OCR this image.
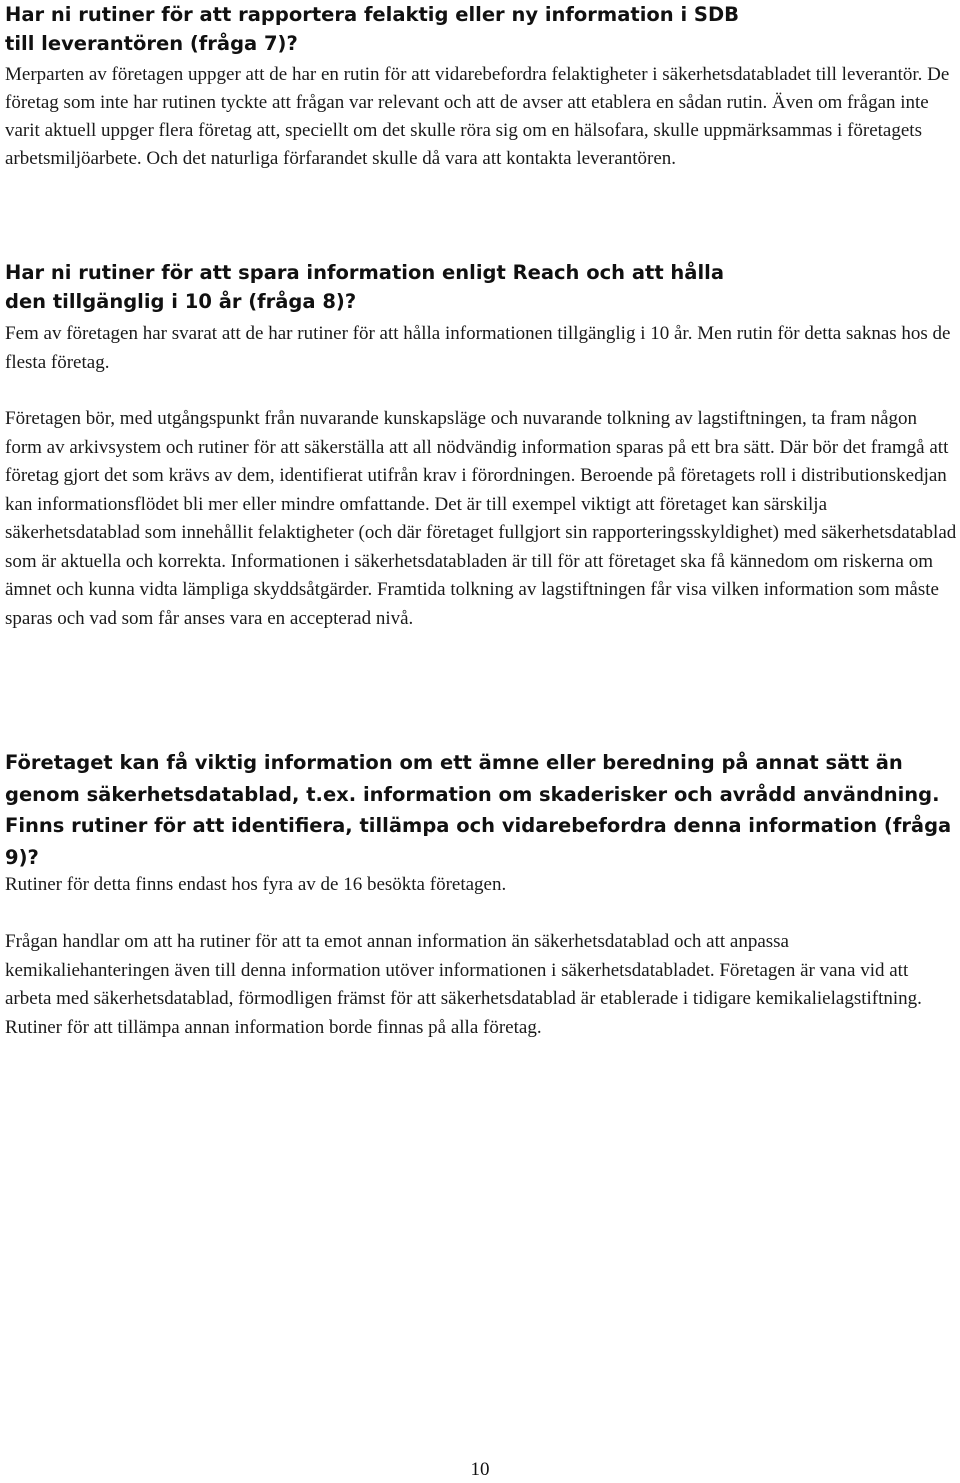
Har ni rutiner för att rapportera felaktig eller ny information i SDB till leverantören (fråga 7)?

Merparten av företagen uppger att de har en rutin för att vidarebefordra felaktigheter i säkerhetsdatabladet till leverantör. De företag som inte har rutinen tyckte att frågan var relevant och att de avser att etablera en sådan rutin. Även om frågan inte varit aktuell uppger flera företag att, speciellt om det skulle röra sig om en hälsofara, skulle uppmärksammas i företagets arbetsmiljöarbete. Och det naturliga förfarandet skulle då vara att kontakta leverantören.

Har ni rutiner för att spara information enligt Reach och att hålla den tillgänglig i 10 år (fråga 8)?

Fem av företagen har svarat att de har rutiner för att hålla informationen tillgänglig i 10 år. Men rutin för detta saknas hos de flesta företag.

Företagen bör, med utgångspunkt från nuvarande kunskapsläge och nuvarande tolkning av lagstiftningen, ta fram någon form av arkivsystem och rutiner för att säkerställa att all nödvändig information sparas på ett bra sätt. Där bör det framgå att företag gjort det som krävs av dem, identifierat utifrån krav i förordningen. Beroende på företagets roll i distributionskedjan kan informationsflödet bli mer eller mindre omfattande. Det är till exempel viktigt att företaget kan särskilja säkerhetsdatablad som innehållit felaktigheter (och där företaget fullgjort sin rapporteringsskyldighet) med säkerhetsdatablad som är aktuella och korrekta. Informationen i säkerhetsdatabladen är till för att företaget ska få kännedom om riskerna om ämnet och kunna vidta lämpliga skyddsåtgärder. Framtida tolkning av lagstiftningen får visa vilken information som måste sparas och vad som får anses vara en accepterad nivå.

Företaget kan få viktig information om ett ämne eller beredning på annat sätt än genom säkerhetsdatablad, t.ex. information om skaderisker och avrådd användning. Finns rutiner för att identifiera, tillämpa och vidarebefordra denna information (fråga 9)?

Rutiner för detta finns endast hos fyra av de 16 besökta företagen.

Frågan handlar om att ha rutiner för att ta emot annan information än säkerhetsdatablad och att anpassa kemikaliehanteringen även till denna information utöver informationen i säkerhetsdatabladet. Företagen är vana vid att arbeta med säkerhetsdatablad, förmodligen främst för att säkerhetsdatablad är etablerade i tidigare kemikalielagstiftning. Rutiner för att tillämpa annan information borde finnas på alla företag.

10
